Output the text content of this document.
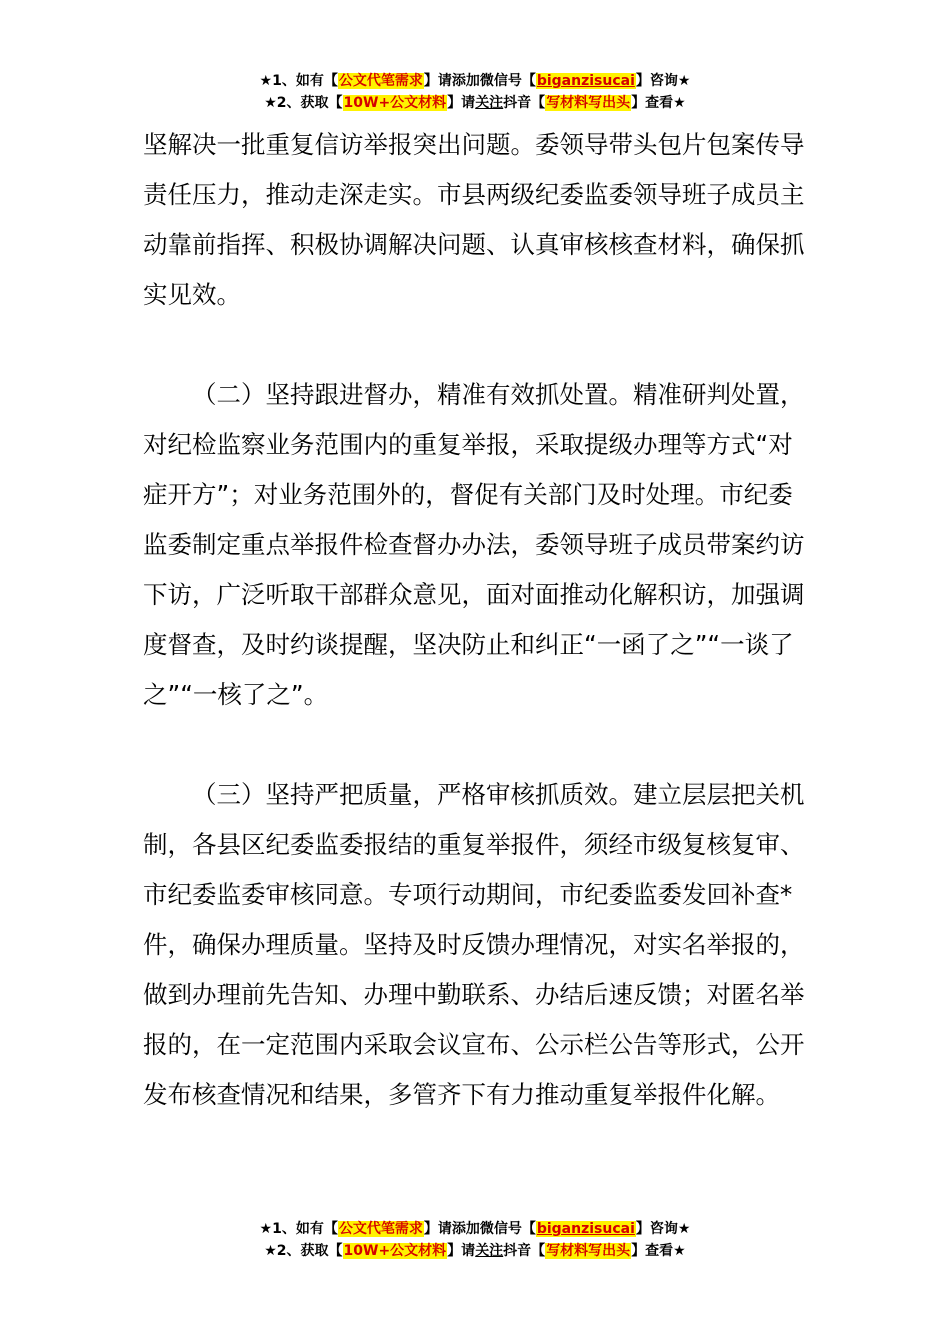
★1、如有【公文代笔需求】请添加微信号【biganzisucai】咨询★
★2、获取【10W+公文材料】请关注抖音【写材料写出头】查看★

坚解决一批重复信访举报突出问题。委领导带头包片包案传导责任压力，推动走深走实。市县两级纪委监委领导班子成员主动靠前指挥、积极协调解决问题、认真审核核查材料，确保抓实见效。

（二）坚持跟进督办，精准有效抓处置。精准研判处置，对纪检监察业务范围内的重复举报，采取提级办理等方式“对症开方”；对业务范围外的，督促有关部门及时处理。市纪委监委制定重点举报件检查督办办法，委领导班子成员带案约访下访，广泛听取干部群众意见，面对面推动化解积访，加强调度督查，及时约谈提醒，坚决防止和纠正“一函了之”“一谈了之”“一核了之”。

（三）坚持严把质量，严格审核抓质效。建立层层把关机制，各县区纪委监委报结的重复举报件，须经市级复核复审、市纪委监委审核同意。专项行动期间，市纪委监委发回补查*件，确保办理质量。坚持及时反馈办理情况，对实名举报的，做到办理前先告知、办理中勤联系、办结后速反馈；对匿名举报的，在一定范围内采取会议宣布、公示栏公告等形式，公开发布核查情况和结果，多管齐下有力推动重复举报件化解。

★1、如有【公文代笔需求】请添加微信号【biganzisucai】咨询★
★2、获取【10W+公文材料】请关注抖音【写材料写出头】查看★
